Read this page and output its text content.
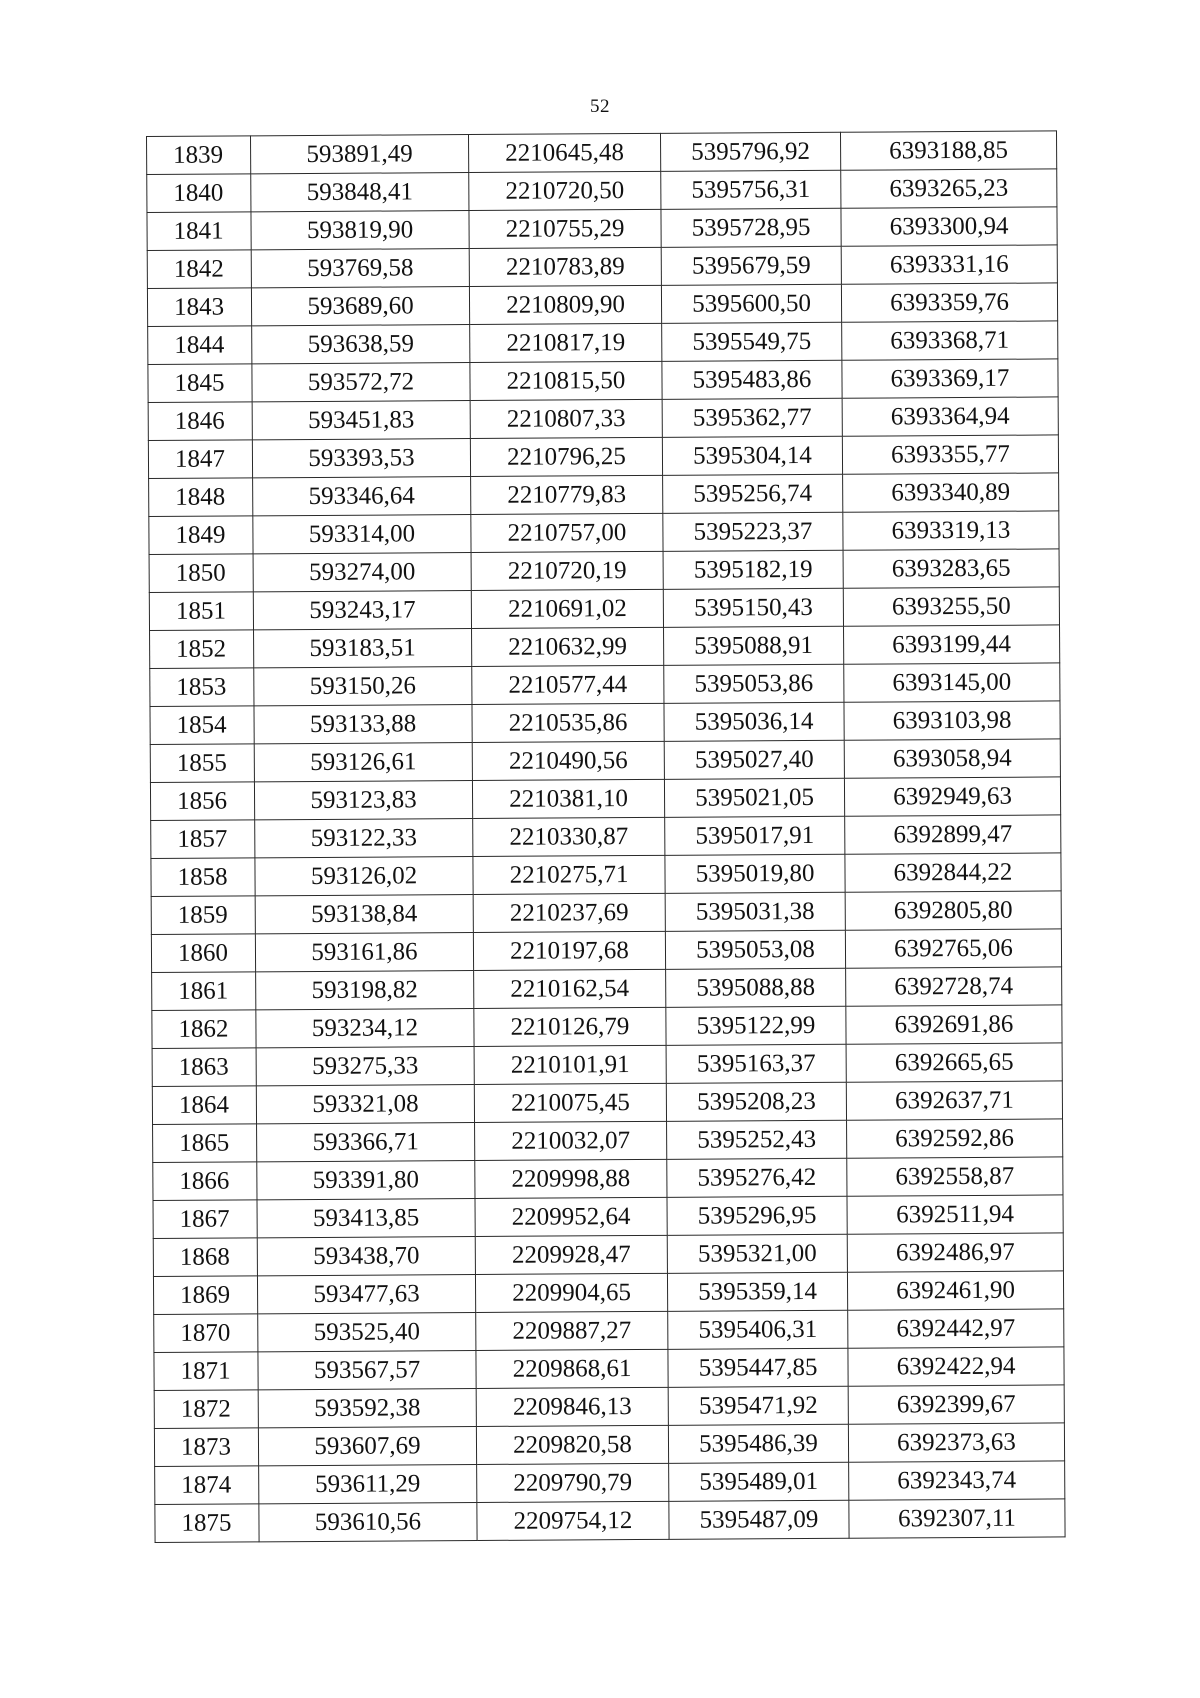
52
1839	593891,49	2210645,48	5395796,92	6393188,85
1840	593848,41	2210720,50	5395756,31	6393265,23
1841	593819,90	2210755,29	5395728,95	6393300,94
1842	593769,58	2210783,89	5395679,59	6393331,16
1843	593689,60	2210809,90	5395600,50	6393359,76
1844	593638,59	2210817,19	5395549,75	6393368,71
1845	593572,72	2210815,50	5395483,86	6393369,17
1846	593451,83	2210807,33	5395362,77	6393364,94
1847	593393,53	2210796,25	5395304,14	6393355,77
1848	593346,64	2210779,83	5395256,74	6393340,89
1849	593314,00	2210757,00	5395223,37	6393319,13
1850	593274,00	2210720,19	5395182,19	6393283,65
1851	593243,17	2210691,02	5395150,43	6393255,50
1852	593183,51	2210632,99	5395088,91	6393199,44
1853	593150,26	2210577,44	5395053,86	6393145,00
1854	593133,88	2210535,86	5395036,14	6393103,98
1855	593126,61	2210490,56	5395027,40	6393058,94
1856	593123,83	2210381,10	5395021,05	6392949,63
1857	593122,33	2210330,87	5395017,91	6392899,47
1858	593126,02	2210275,71	5395019,80	6392844,22
1859	593138,84	2210237,69	5395031,38	6392805,80
1860	593161,86	2210197,68	5395053,08	6392765,06
1861	593198,82	2210162,54	5395088,88	6392728,74
1862	593234,12	2210126,79	5395122,99	6392691,86
1863	593275,33	2210101,91	5395163,37	6392665,65
1864	593321,08	2210075,45	5395208,23	6392637,71
1865	593366,71	2210032,07	5395252,43	6392592,86
1866	593391,80	2209998,88	5395276,42	6392558,87
1867	593413,85	2209952,64	5395296,95	6392511,94
1868	593438,70	2209928,47	5395321,00	6392486,97
1869	593477,63	2209904,65	5395359,14	6392461,90
1870	593525,40	2209887,27	5395406,31	6392442,97
1871	593567,57	2209868,61	5395447,85	6392422,94
1872	593592,38	2209846,13	5395471,92	6392399,67
1873	593607,69	2209820,58	5395486,39	6392373,63
1874	593611,29	2209790,79	5395489,01	6392343,74
1875	593610,56	2209754,12	5395487,09	6392307,11
